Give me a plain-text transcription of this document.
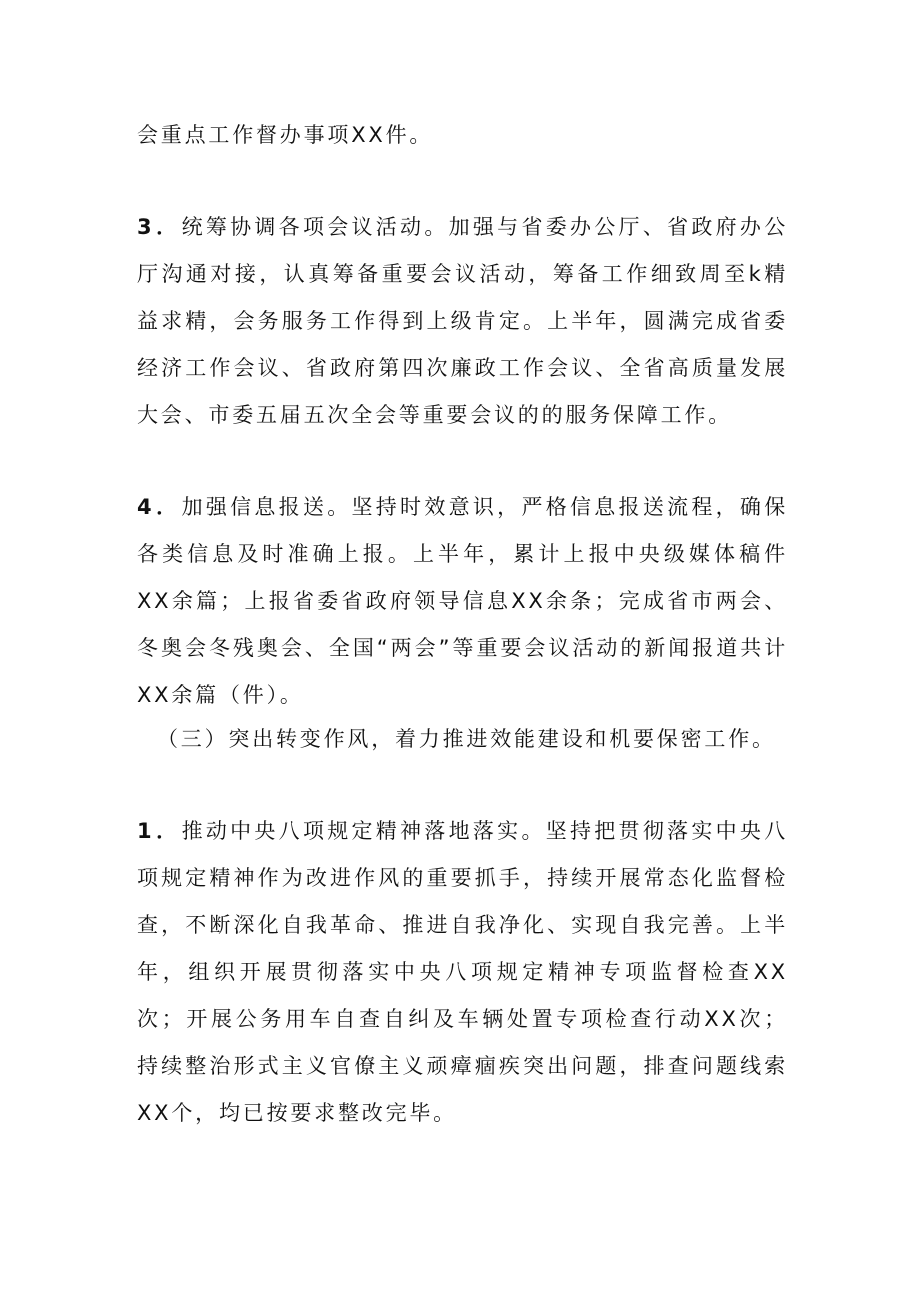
会重点工作督办事项XX件。

3．统筹协调各项会议活动。加强与省委办公厅、省政府办公厅沟通对接，认真筹备重要会议活动，筹备工作细致周至k精益求精，会务服务工作得到上级肯定。上半年，圆满完成省委经济工作会议、省政府第四次廉政工作会议、全省高质量发展大会、市委五届五次全会等重要会议的的服务保障工作。

4．加强信息报送。坚持时效意识，严格信息报送流程，确保各类信息及时准确上报。上半年，累计上报中央级媒体稿件XX余篇；上报省委省政府领导信息XX余条；完成省市两会、冬奥会冬残奥会、全国“两会”等重要会议活动的新闻报道共计XX余篇（件）。

（三）突出转变作风，着力推进效能建设和机要保密工作。

1．推动中央八项规定精神落地落实。坚持把贯彻落实中央八项规定精神作为改进作风的重要抓手，持续开展常态化监督检查，不断深化自我革命、推进自我净化、实现自我完善。上半年，组织开展贯彻落实中央八项规定精神专项监督检查XX次；开展公务用车自查自纠及车辆处置专项检查行动XX次；持续整治形式主义官僚主义顽瘴痼疾突出问题，排查问题线索XX个，均已按要求整改完毕。
